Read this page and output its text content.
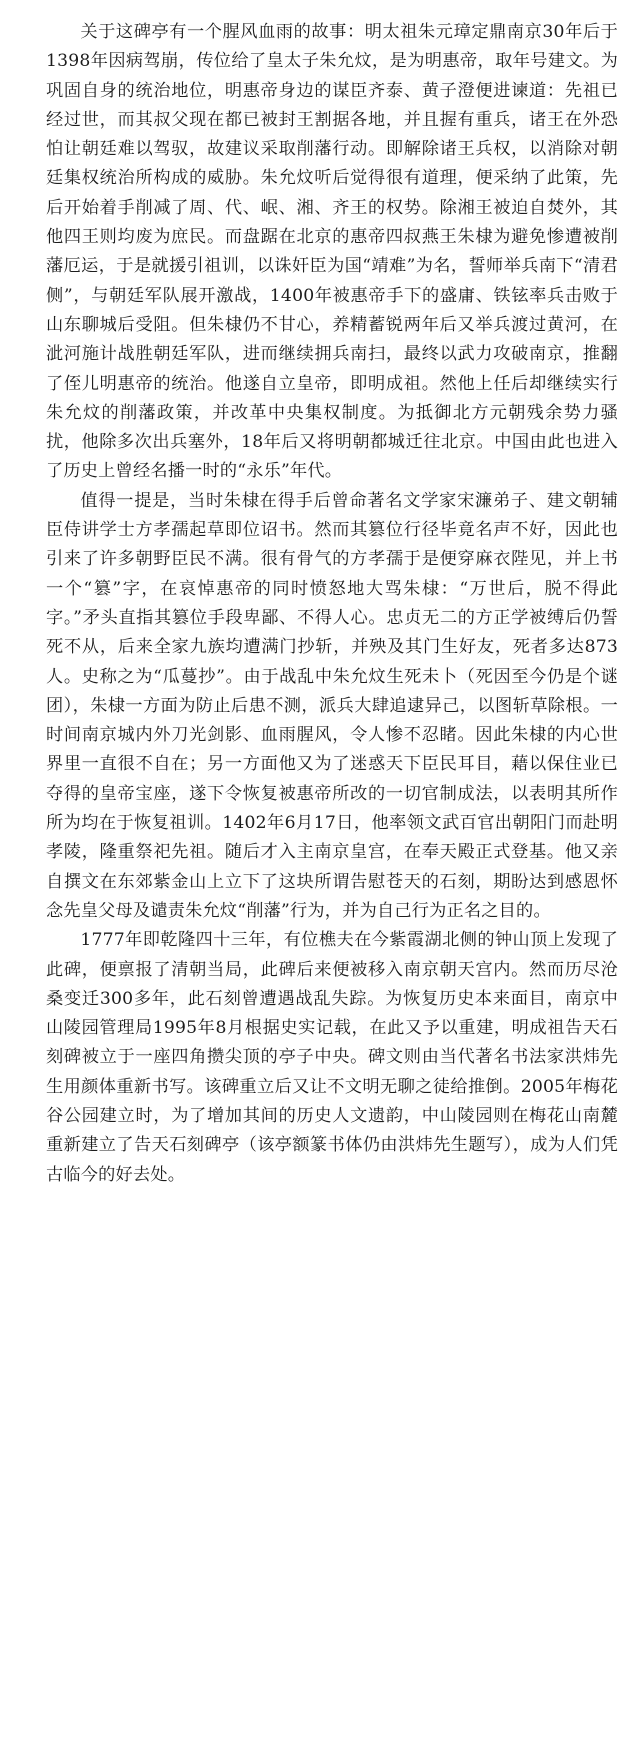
关于这碑亭有一个腥风血雨的故事：明太祖朱元璋定鼎南京30年后于1398年因病驾崩，传位给了皇太子朱允炆，是为明惠帝，取年号建文。为巩固自身的统治地位，明惠帝身边的谋臣齐泰、黄子澄便进谏道：先祖已经过世，而其叔父现在都已被封王割据各地，并且握有重兵，诸王在外恐怕让朝廷难以驾驭，故建议采取削藩行动。即解除诸王兵权，以消除对朝廷集权统治所构成的威胁。朱允炆听后觉得很有道理，便采纳了此策，先后开始着手削减了周、代、岷、湘、齐王的权势。除湘王被迫自焚外，其他四王则均废为庶民。而盘踞在北京的惠帝四叔燕王朱棣为避免惨遭被削藩厄运，于是就援引祖训，以诛奸臣为国“靖难”为名，誓师举兵南下“清君侧”，与朝廷军队展开激战，1400年被惠帝手下的盛庸、铁铉率兵击败于山东聊城后受阻。但朱棣仍不甘心，养精蓄锐两年后又举兵渡过黄河，在泚河施计战胜朝廷军队，进而继续拥兵南扫，最终以武力攻破南京，推翻了侄儿明惠帝的统治。他遂自立皇帝，即明成祖。然他上任后却继续实行朱允炆的削藩政策，并改革中央集权制度。为抵御北方元朝残余势力骚扰，他除多次出兵塞外，18年后又将明朝都城迁往北京。中国由此也进入了历史上曾经名播一时的“永乐”年代。

值得一提是，当时朱棣在得手后曾命著名文学家宋濂弟子、建文朝辅臣侍讲学士方孝孺起草即位诏书。然而其篡位行径毕竟名声不好，因此也引来了许多朝野臣民不满。很有骨气的方孝孺于是便穿麻衣陛见，并上书一个“篡”字，在哀悼惠帝的同时愤怒地大骂朱棣：“万世后，脱不得此字。”矛头直指其篡位手段卑鄙、不得人心。忠贞无二的方正学被缚后仍誓死不从，后来全家九族均遭满门抄斩，并殃及其门生好友，死者多达873人。史称之为“瓜蔓抄”。由于战乱中朱允炆生死未卜（死因至今仍是个谜团），朱棣一方面为防止后患不测，派兵大肆追逮异己，以图斩草除根。一时间南京城内外刀光剑影、血雨腥风，令人惨不忍睹。因此朱棣的内心世界里一直很不自在；另一方面他又为了迷惑天下臣民耳目，藉以保住业已夺得的皇帝宝座，遂下令恢复被惠帝所改的一切官制成法，以表明其所作所为均在于恢复祖训。1402年6月17日，他率领文武百官出朝阳门而赴明孝陵，隆重祭祀先祖。随后才入主南京皇宫，在奉天殿正式登基。他又亲自撰文在东郊紫金山上立下了这块所谓告慰苍天的石刻，期盼达到感恩怀念先皇父母及谴责朱允炆“削藩”行为，并为自己行为正名之目的。

1777年即乾隆四十三年，有位樵夫在今紫霞湖北侧的钟山顶上发现了此碑，便禀报了清朝当局，此碑后来便被移入南京朝天宫内。然而历尽沧桑变迁300多年，此石刻曾遭遇战乱失踪。为恢复历史本来面目，南京中山陵园管理局1995年8月根据史实记载，在此又予以重建，明成祖告天石刻碑被立于一座四角攒尖顶的亭子中央。碑文则由当代著名书法家洪炜先生用颜体重新书写。该碑重立后又让不文明无聊之徒给推倒。2005年梅花谷公园建立时，为了增加其间的历史人文遗韵，中山陵园则在梅花山南麓重新建立了告天石刻碑亭（该亭额篆书体仍由洪炜先生题写），成为人们凭古临今的好去处。
